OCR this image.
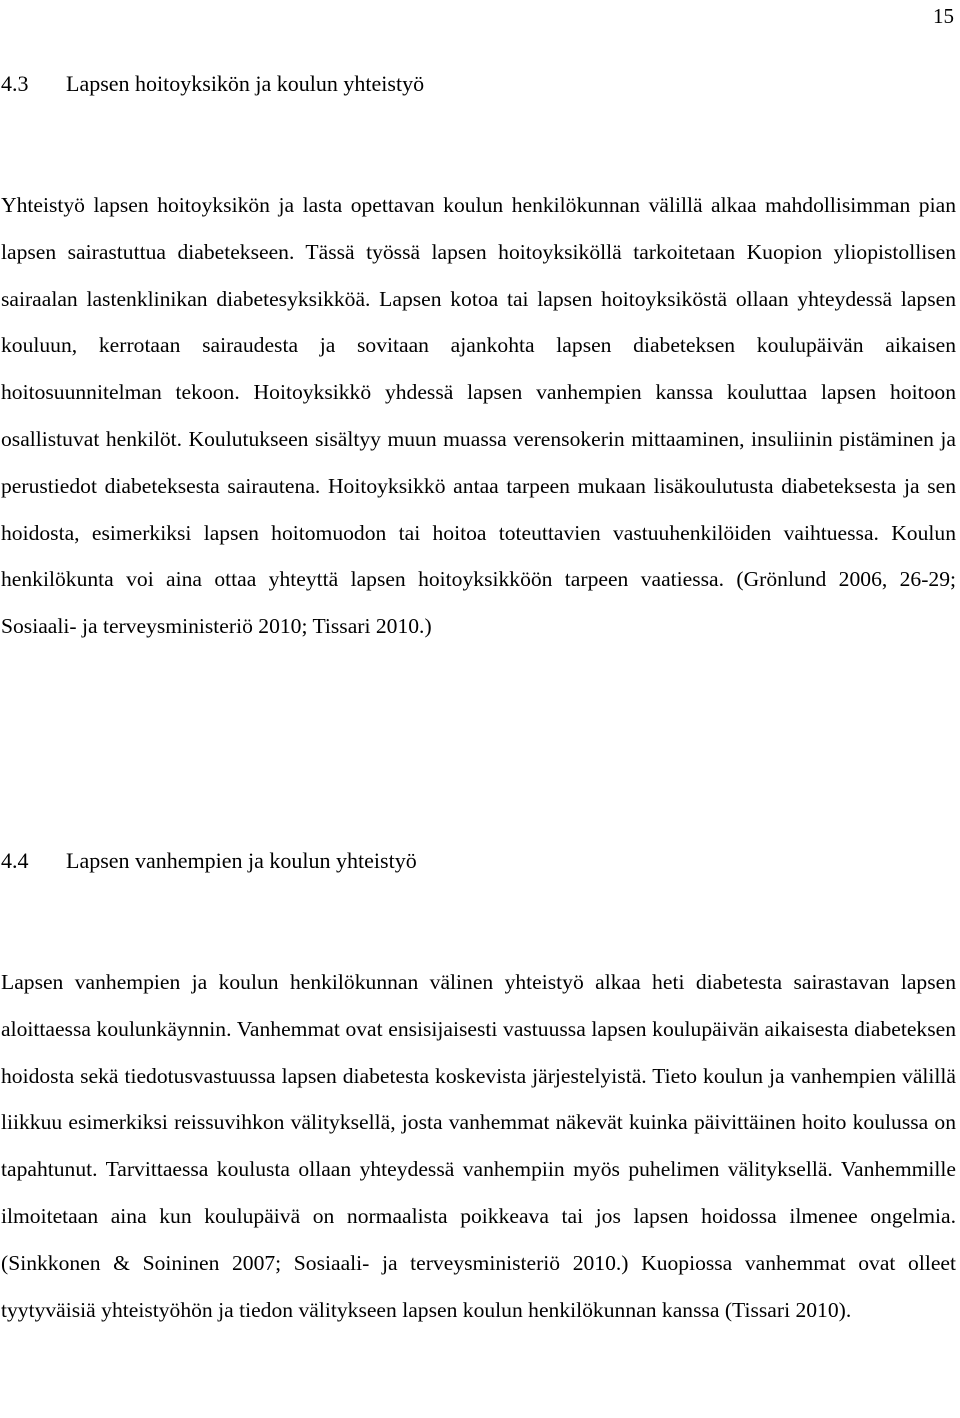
15
4.3 Lapsen hoitoyksikön ja koulun yhteistyö

Yhteistyö lapsen hoitoyksikön ja lasta opettavan koulun henkilökunnan välillä alkaa mahdollisimman pian lapsen sairastuttua diabetekseen. Tässä työssä lapsen hoitoyksiköllä tarkoitetaan Kuopion yliopistollisen sairaalan lastenklinikan diabetesyksikköä. Lapsen kotoa tai lapsen hoitoyksiköstä ollaan yhteydessä lapsen kouluun, kerrotaan sairaudesta ja sovitaan ajankohta lapsen diabeteksen koulupäivän aikaisen hoitosuunnitelman tekoon. Hoitoyksikkö yhdessä lapsen vanhempien kanssa kouluttaa lapsen hoitoon osallistuvat henkilöt. Koulutukseen sisältyy muun muassa verensokerin mittaaminen, insuliinin pistäminen ja perustiedot diabeteksesta sairautena. Hoitoyksikkö antaa tarpeen mukaan lisäkoulutusta diabeteksesta ja sen hoidosta, esimerkiksi lapsen hoitomuodon tai hoitoa toteuttavien vastuuhenkilöiden vaihtuessa. Koulun henkilökunta voi aina ottaa yhteyttä lapsen hoitoyksikköön tarpeen vaatiessa. (Grönlund 2006, 26-29; Sosiaali- ja terveysministeriö 2010; Tissari 2010.)

4.4 Lapsen vanhempien ja koulun yhteistyö

Lapsen vanhempien ja koulun henkilökunnan välinen yhteistyö alkaa heti diabetesta sairastavan lapsen aloittaessa koulunkäynnin. Vanhemmat ovat ensisijaisesti vastuussa lapsen koulupäivän aikaisesta diabeteksen hoidosta sekä tiedotusvastuussa lapsen diabetesta koskevista järjestelyistä. Tieto koulun ja vanhempien välillä liikkuu esimerkiksi reissuvihkon välityksellä, josta vanhemmat näkevät kuinka päivittäinen hoito koulussa on tapahtunut. Tarvittaessa koulusta ollaan yhteydessä vanhempiin myös puhelimen välityksellä. Vanhemmille ilmoitetaan aina kun koulupäivä on normaalista poikkeava tai jos lapsen hoidossa ilmenee ongelmia. (Sinkkonen & Soininen 2007; Sosiaali- ja terveysministeriö 2010.) Kuopiossa vanhemmat ovat olleet tyytyväisiä yhteistyöhön ja tiedon välitykseen lapsen koulun henkilökunnan kanssa (Tissari 2010).
